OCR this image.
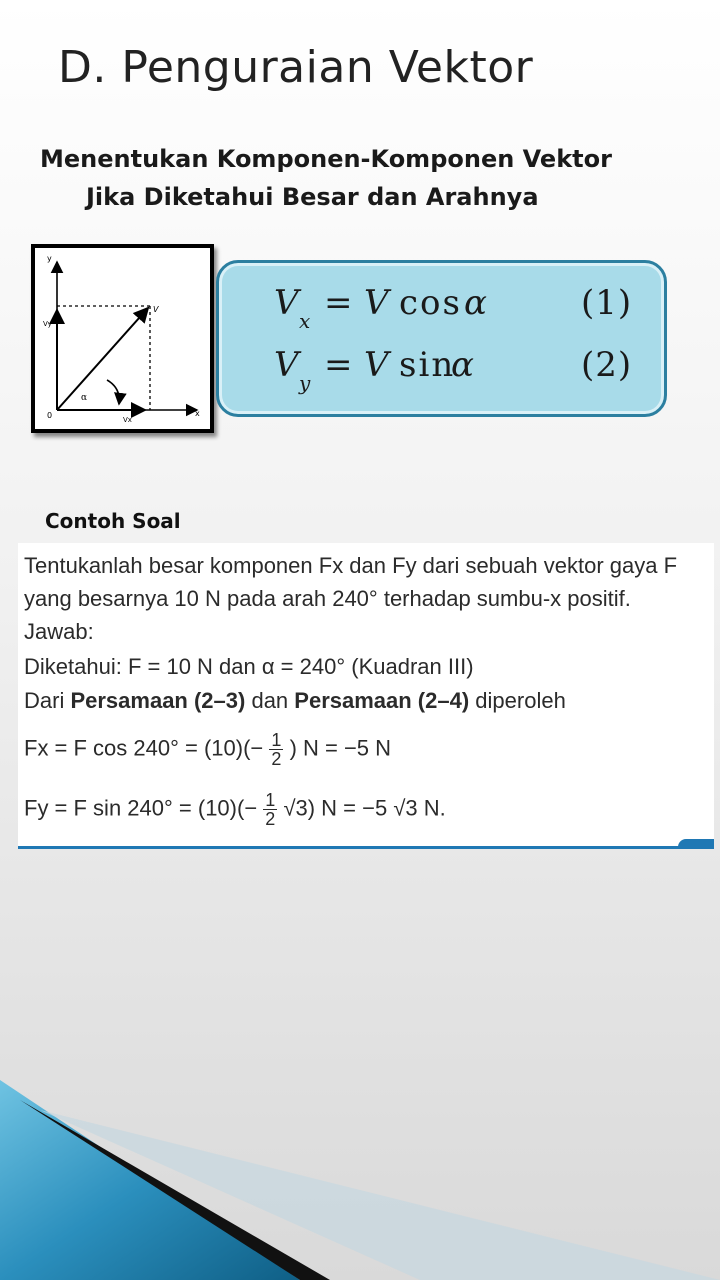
D. Penguraian Vektor
Menentukan Komponen-Komponen Vektor
Jika Diketahui Besar dan Arahnya
y
x
0
V
Vy
Vx
α
V x = V cos α	(1)
V y = V sin
α	(2)
Contoh Soal
Tentukanlah besar komponen Fx dan Fy dari sebuah vektor gaya F
yang besarnya 10 N pada arah 240° terhadap sumbu-x positif.
Jawab:
Diketahui: F = 10 N dan α = 240° (Kuadran III)
Dari Persamaan (2–3) dan Persamaan (2–4) diperoleh
Fx = F $\cos 240^\circ = (10)(- \frac{1}{2}$ ) N = −5 N
Fy = F $\sin 240^\circ = (10)(- \frac{1}{2} √3)$ N = −5 √3 N.
